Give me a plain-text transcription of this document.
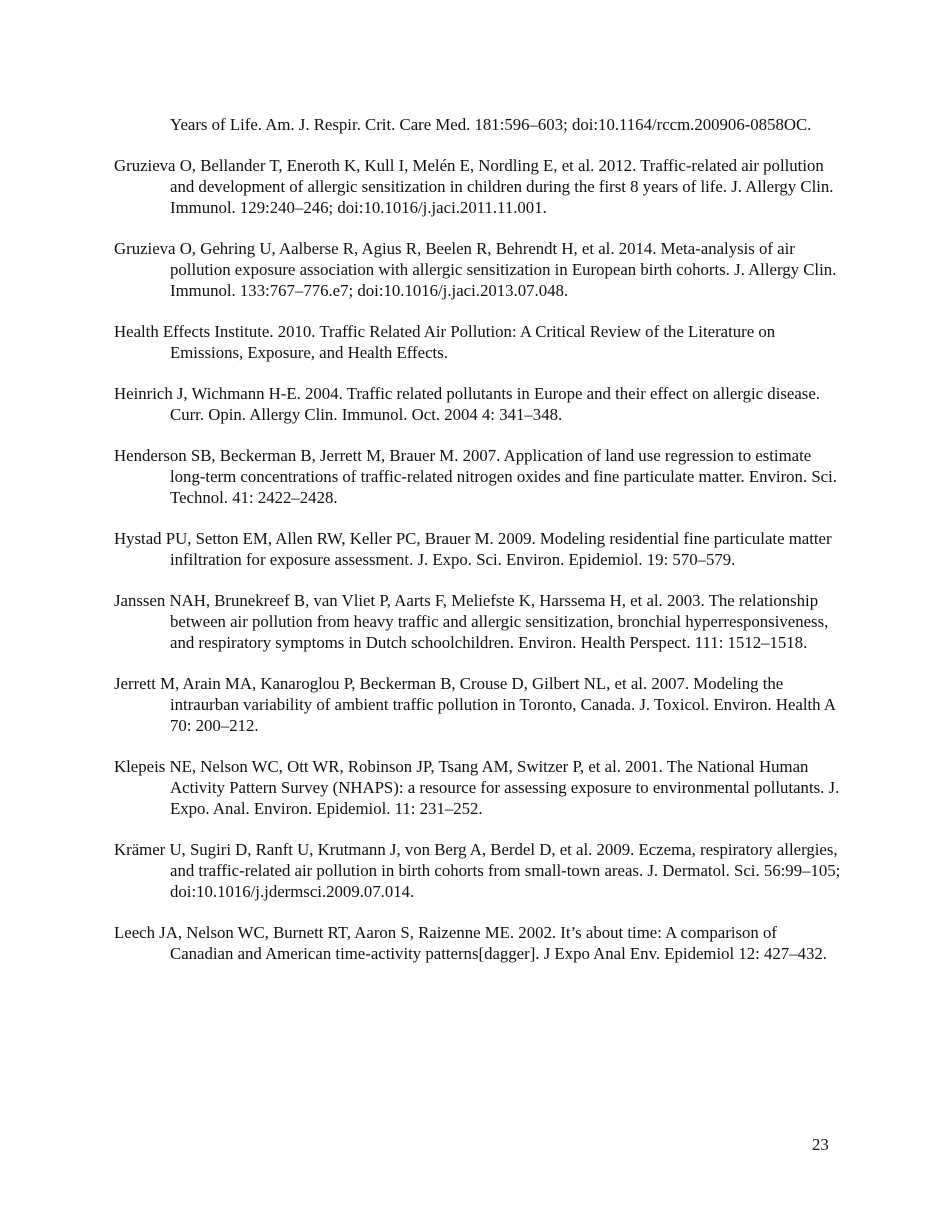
Years of Life. Am. J. Respir. Crit. Care Med. 181:596–603; doi:10.1164/rccm.200906-0858OC.

Gruzieva O, Bellander T, Eneroth K, Kull I, Melén E, Nordling E, et al. 2012. Traffic-related air pollution and development of allergic sensitization in children during the first 8 years of life. J. Allergy Clin. Immunol. 129:240–246; doi:10.1016/j.jaci.2011.11.001.

Gruzieva O, Gehring U, Aalberse R, Agius R, Beelen R, Behrendt H, et al. 2014. Meta-analysis of air pollution exposure association with allergic sensitization in European birth cohorts. J. Allergy Clin. Immunol. 133:767–776.e7; doi:10.1016/j.jaci.2013.07.048.

Health Effects Institute. 2010. Traffic Related Air Pollution: A Critical Review of the Literature on Emissions, Exposure, and Health Effects.

Heinrich J, Wichmann H-E. 2004. Traffic related pollutants in Europe and their effect on allergic disease. Curr. Opin. Allergy Clin. Immunol. Oct. 2004 4: 341–348.

Henderson SB, Beckerman B, Jerrett M, Brauer M. 2007. Application of land use regression to estimate long-term concentrations of traffic-related nitrogen oxides and fine particulate matter. Environ. Sci. Technol. 41: 2422–2428.

Hystad PU, Setton EM, Allen RW, Keller PC, Brauer M. 2009. Modeling residential fine particulate matter infiltration for exposure assessment. J. Expo. Sci. Environ. Epidemiol. 19: 570–579.

Janssen NAH, Brunekreef B, van Vliet P, Aarts F, Meliefste K, Harssema H, et al. 2003. The relationship between air pollution from heavy traffic and allergic sensitization, bronchial hyperresponsiveness, and respiratory symptoms in Dutch schoolchildren. Environ. Health Perspect. 111: 1512–1518.

Jerrett M, Arain MA, Kanaroglou P, Beckerman B, Crouse D, Gilbert NL, et al. 2007. Modeling the intraurban variability of ambient traffic pollution in Toronto, Canada. J. Toxicol. Environ. Health A 70: 200–212.

Klepeis NE, Nelson WC, Ott WR, Robinson JP, Tsang AM, Switzer P, et al. 2001. The National Human Activity Pattern Survey (NHAPS): a resource for assessing exposure to environmental pollutants. J. Expo. Anal. Environ. Epidemiol. 11: 231–252.

Krämer U, Sugiri D, Ranft U, Krutmann J, von Berg A, Berdel D, et al. 2009. Eczema, respiratory allergies, and traffic-related air pollution in birth cohorts from small-town areas. J. Dermatol. Sci. 56:99–105; doi:10.1016/j.jdermsci.2009.07.014.

Leech JA, Nelson WC, Burnett RT, Aaron S, Raizenne ME. 2002. It’s about time: A comparison of Canadian and American time-activity patterns[dagger]. J Expo Anal Env. Epidemiol 12: 427–432.

23
